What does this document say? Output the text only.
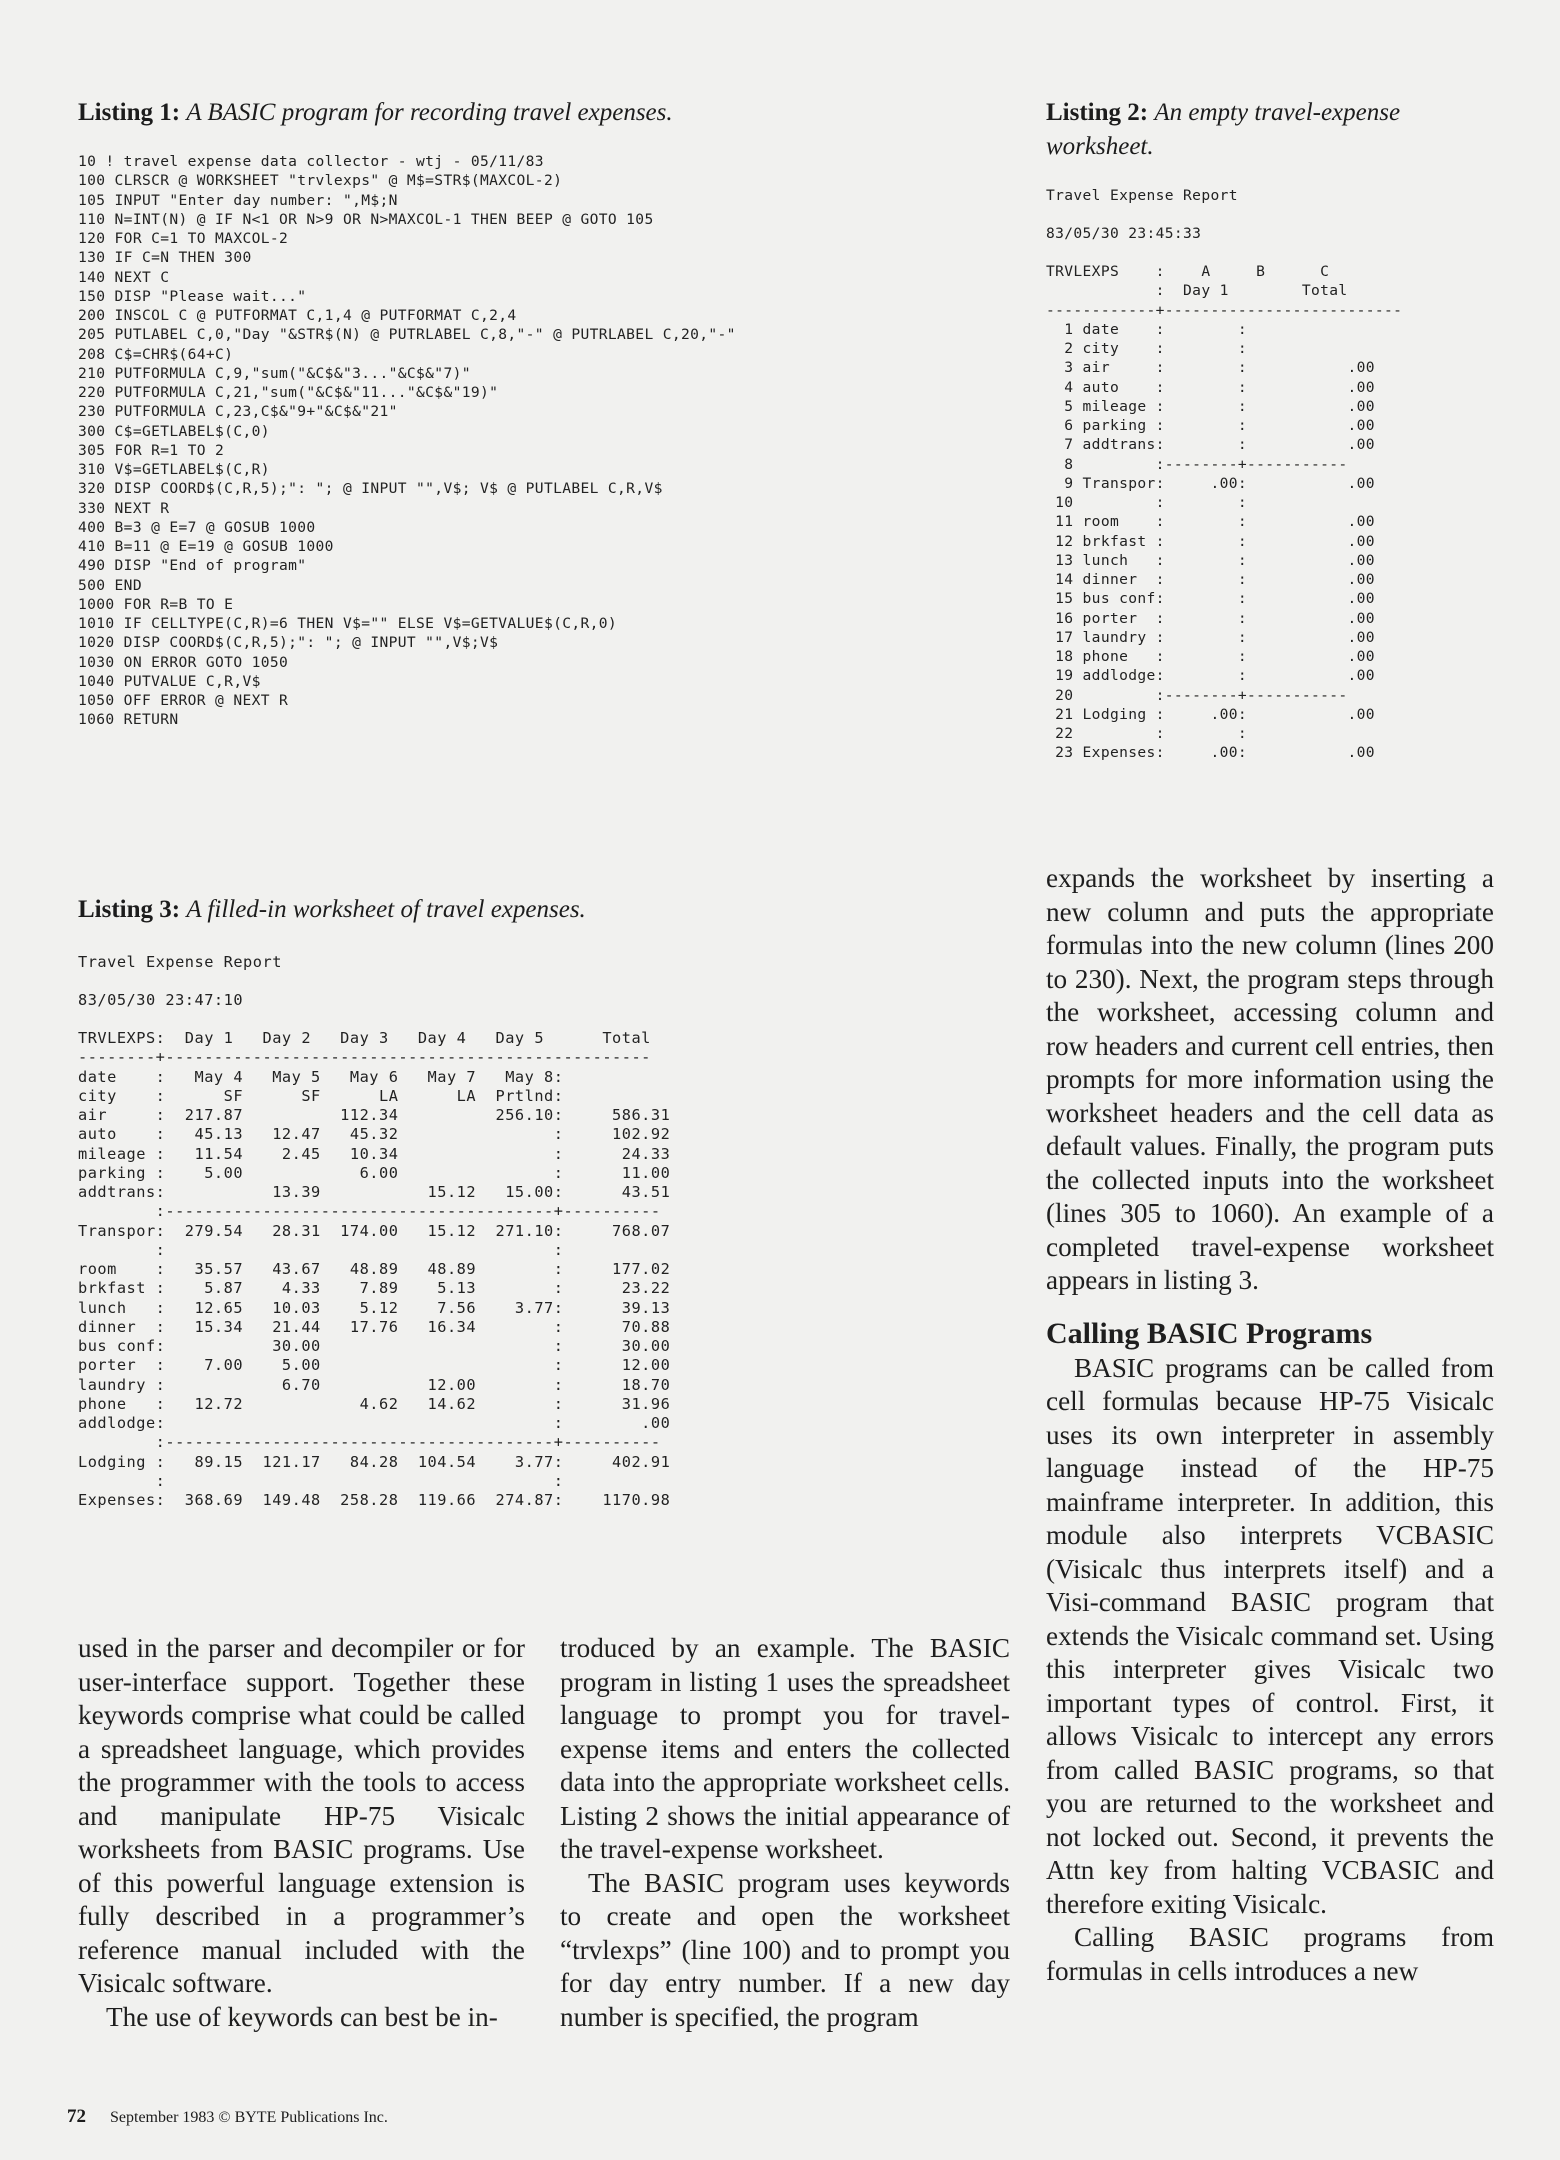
Listing 1: A BASIC program for recording travel expenses.
10 ! travel expense data collector - wtj - 05/11/83
100 CLRSCR @ WORKSHEET "trvlexps" @ M$=STR$(MAXCOL-2)
105 INPUT "Enter day number: ",M$;N
110 N=INT(N) @ IF N<1 OR N>9 OR N>MAXCOL-1 THEN BEEP @ GOTO 105
120 FOR C=1 TO MAXCOL-2
130 IF C=N THEN 300
140 NEXT C
150 DISP "Please wait..."
200 INSCOL C @ PUTFORMAT C,1,4 @ PUTFORMAT C,2,4
205 PUTLABEL C,0,"Day "&STR$(N) @ PUTRLABEL C,8,"-" @ PUTRLABEL C,20,"-"
208 C$=CHR$(64+C)
210 PUTFORMULA C,9,"sum("&C$&"3..."&C$&"7)"
220 PUTFORMULA C,21,"sum("&C$&"11..."&C$&"19)"
230 PUTFORMULA C,23,C$&"9+"&C$&"21"
300 C$=GETLABEL$(C,0)
305 FOR R=1 TO 2
310 V$=GETLABEL$(C,R)
320 DISP COORD$(C,R,5);": "; @ INPUT "",V$; V$ @ PUTLABEL C,R,V$
330 NEXT R
400 B=3 @ E=7 @ GOSUB 1000
410 B=11 @ E=19 @ GOSUB 1000
490 DISP "End of program"
500 END
1000 FOR R=B TO E
1010 IF CELLTYPE(C,R)=6 THEN V$="" ELSE V$=GETVALUE$(C,R,0)
1020 DISP COORD$(C,R,5);": "; @ INPUT "",V$;V$
1030 ON ERROR GOTO 1050
1040 PUTVALUE C,R,V$
1050 OFF ERROR @ NEXT R
1060 RETURN
Listing 2: An empty travel-expense
worksheet.
Travel Expense Report
83/05/30 23:45:33
TRVLEXPS    :    A     B      C
:  Day 1        Total
------------+--------------------------
1 date    :        :
2 city    :        :
3 air     :        :           .00
4 auto    :        :           .00
5 mileage :        :           .00
6 parking :        :           .00
7 addtrans:        :           .00
8         :--------+-----------
9 Transpor:     .00:           .00
10         :        :
11 room    :        :           .00
12 brkfast :        :           .00
13 lunch   :        :           .00
14 dinner  :        :           .00
15 bus conf:        :           .00
16 porter  :        :           .00
17 laundry :        :           .00
18 phone   :        :           .00
19 addlodge:        :           .00
20         :--------+-----------
21 Lodging :     .00:           .00
22         :        :
23 Expenses:     .00:           .00
Listing 3: A filled-in worksheet of travel expenses.
Travel Expense Report
83/05/30 23:47:10
TRVLEXPS:  Day 1   Day 2   Day 3   Day 4   Day 5      Total
--------+--------------------------------------------------
date    :   May 4   May 5   May 6   May 7   May 8:
city    :      SF      SF      LA      LA  Prtlnd:
air     :  217.87          112.34          256.10:     586.31
auto    :   45.13   12.47   45.32                :     102.92
mileage :   11.54    2.45   10.34                :      24.33
parking :    5.00            6.00                :      11.00
addtrans:           13.39           15.12   15.00:      43.51
:----------------------------------------+----------
Transpor:  279.54   28.31  174.00   15.12  271.10:     768.07
:                                        :
room    :   35.57   43.67   48.89   48.89        :     177.02
brkfast :    5.87    4.33    7.89    5.13        :      23.22
lunch   :   12.65   10.03    5.12    7.56    3.77:      39.13
dinner  :   15.34   21.44   17.76   16.34        :      70.88
bus conf:           30.00                        :      30.00
porter  :    7.00    5.00                        :      12.00
laundry :            6.70           12.00        :      18.70
phone   :   12.72            4.62   14.62        :      31.96
addlodge:                                        :        .00
:----------------------------------------+----------
Lodging :   89.15  121.17   84.28  104.54    3.77:     402.91
:                                        :
Expenses:  368.69  149.48  258.28  119.66  274.87:    1170.98

used in the parser and decompiler or for user-interface support. Together these keywords comprise what could be called a spreadsheet language, which provides the programmer with the tools to access and manipulate HP-75 Visicalc worksheets from BASIC programs. Use of this powerful language extension is fully described in a programmer’s reference manual included with the Visicalc software.

The use of keywords can best be in-

troduced by an example. The BASIC program in listing 1 uses the spreadsheet language to prompt you for travel-expense items and enters the collected data into the appropriate worksheet cells. Listing 2 shows the initial appearance of the travel-expense worksheet.

The BASIC program uses keywords to create and open the worksheet “trvlexps” (line 100) and to prompt you for day entry number. If a new day number is specified, the program

expands the worksheet by inserting a new column and puts the appropriate formulas into the new column (lines 200 to 230). Next, the program steps through the worksheet, accessing column and row headers and current cell entries, then prompts for more information using the worksheet headers and the cell data as default values. Finally, the program puts the collected inputs into the worksheet (lines 305 to 1060). An example of a completed travel-expense worksheet appears in listing 3.

Calling BASIC Programs

BASIC programs can be called from cell formulas because HP-75 Visicalc uses its own interpreter in assembly language instead of the HP-75 mainframe interpreter. In addition, this module also interprets VCBASIC (Visicalc thus interprets itself) and a Visi-command BASIC program that extends the Visicalc command set. Using this interpreter gives Visicalc two important types of control. First, it allows Visicalc to intercept any errors from called BASIC programs, so that you are returned to the worksheet and not locked out. Second, it prevents the Attn key from halting VCBASIC and therefore exiting Visicalc.

Calling BASIC programs from formulas in cells introduces a new

72 September 1983 © BYTE Publications Inc.
